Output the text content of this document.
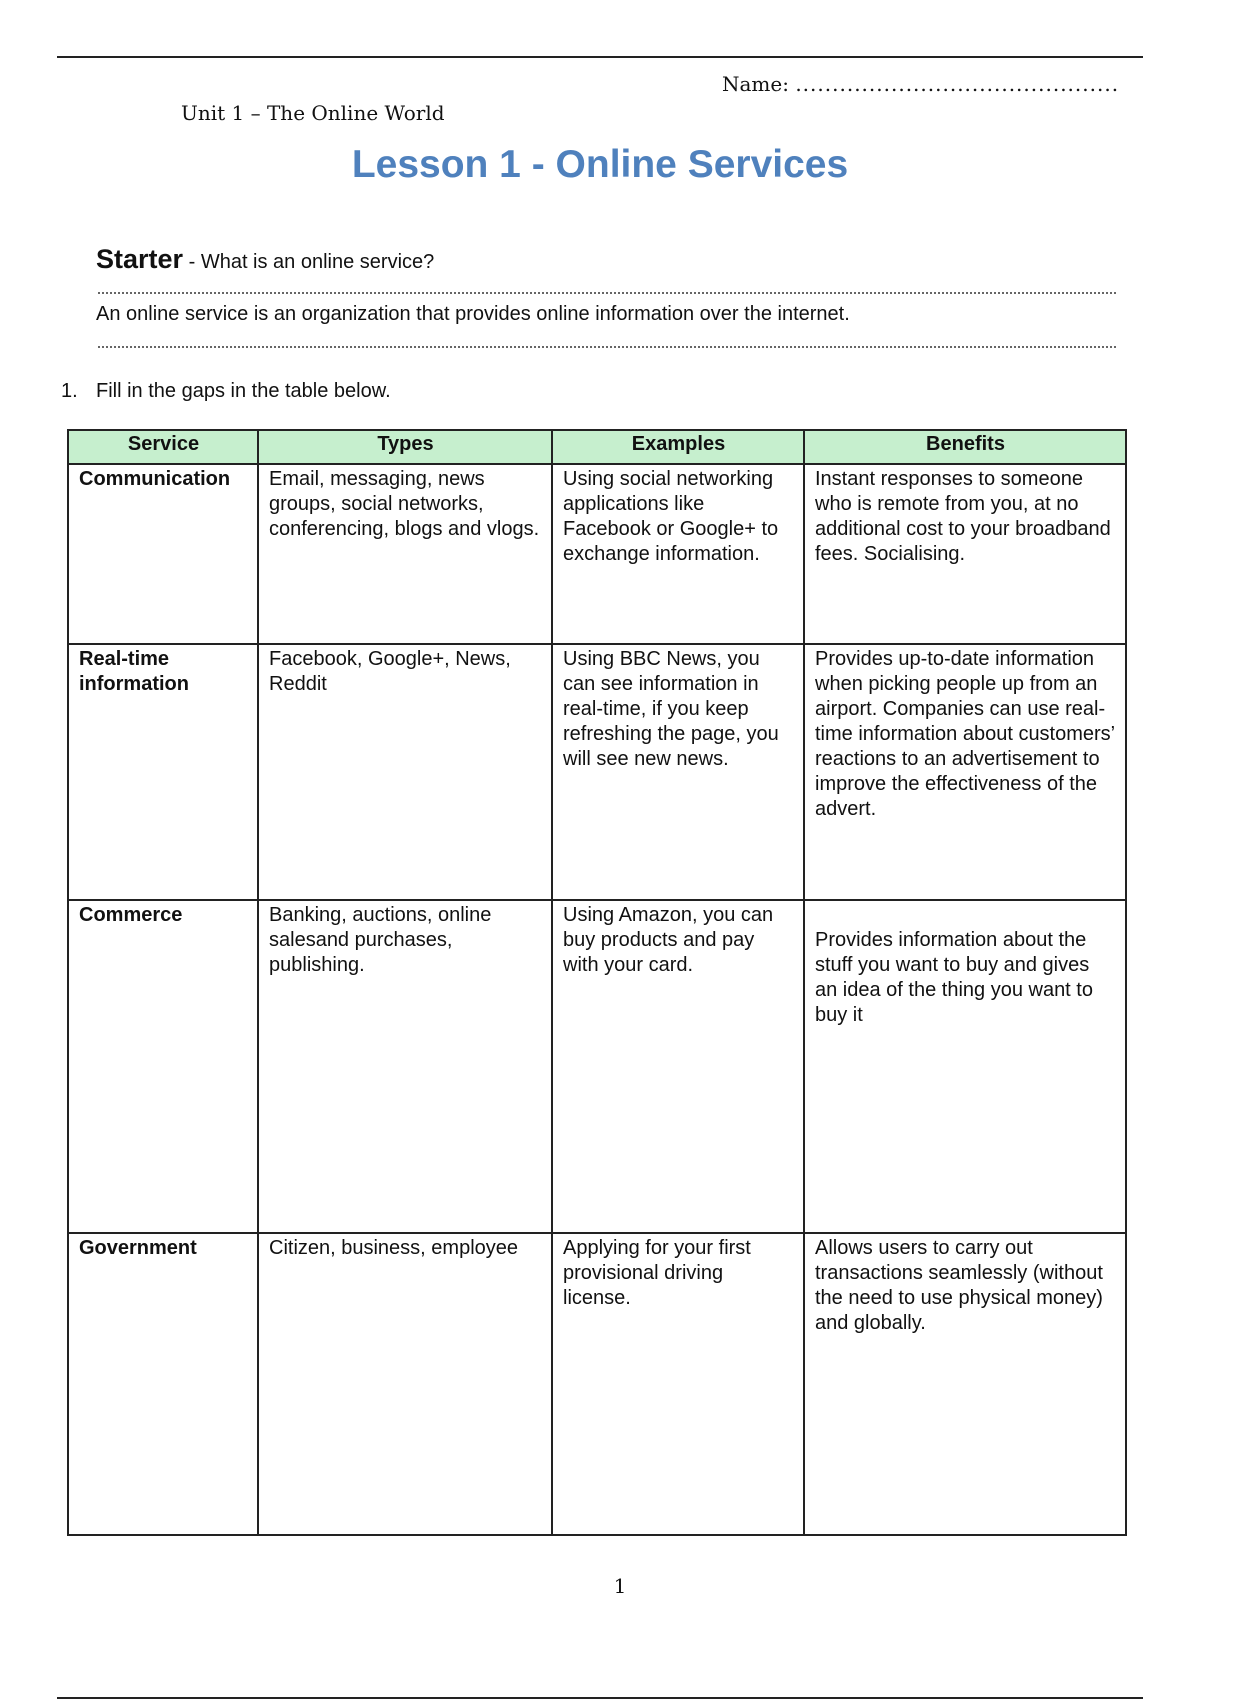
Name: ............................................
Unit 1 – The Online World
Lesson 1 - Online Services
Starter - What is an online service?
An online service is an organization that provides online information over the internet.
1. Fill in the gaps in the table below.
Service	Types	Examples	Benefits
Communication	Email, messaging, news groups, social networks, conferencing, blogs and vlogs.	Using social networking applications like Facebook or Google+ to exchange information.	Instant responses to someone who is remote from you, at no additional cost to your broadband fees. Socialising.
Real-time information	Facebook, Google+, News, Reddit	Using BBC News, you can see information in real-time, if you keep refreshing the page, you will see new news.	Provides up-to-date information when picking people up from an airport. Companies can use real-time information about customers’ reactions to an advertisement to improve the effectiveness of the advert.
Commerce	Banking, auctions, online salesand purchases, publishing.	Using Amazon, you can buy products and pay with your card.	Provides information about the stuff you want to buy and gives an idea of the thing you want to buy it
Government	Citizen, business, employee	Applying for your first provisional driving license.	Allows users to carry out transactions seamlessly (without the need to use physical money) and globally.
1
